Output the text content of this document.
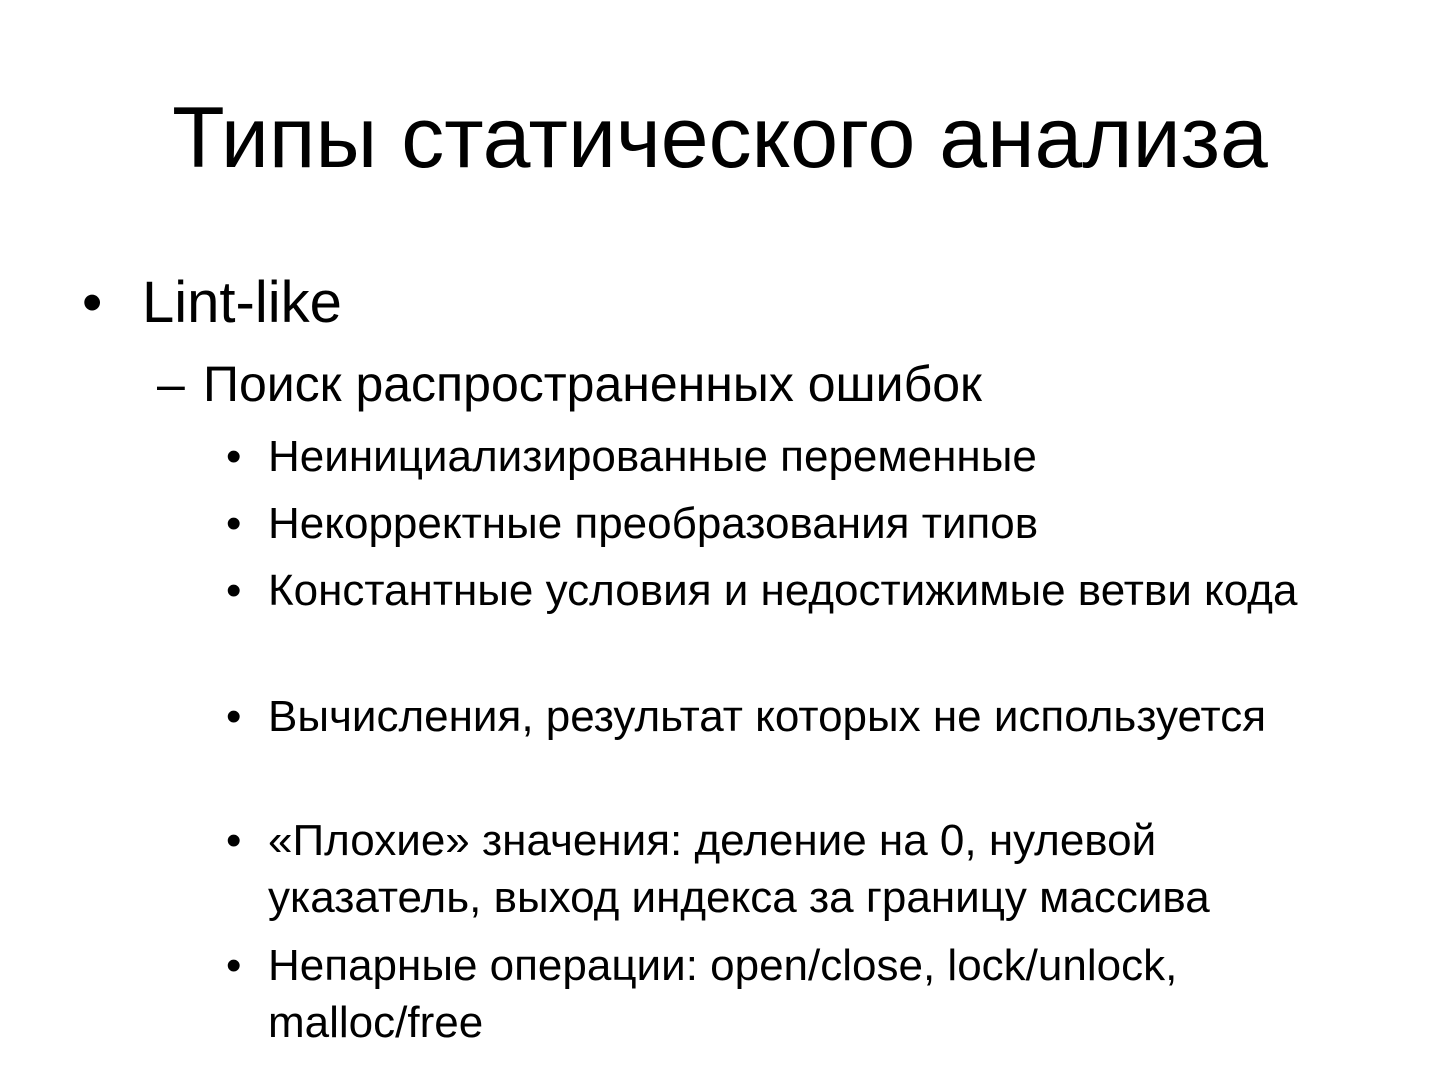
Типы статического анализа
• Lint-like
– Поиск распространенных ошибок
• Неинициализированные переменные
• Некорректные преобразования типов
• Константные условия и недостижимые ветви кода
• Вычисления, результат которых не используется
• «Плохие» значения: деление на 0, нулевой указатель, выход индекса за границу массива
• Непарные операции: open/close, lock/unlock, malloc/free
